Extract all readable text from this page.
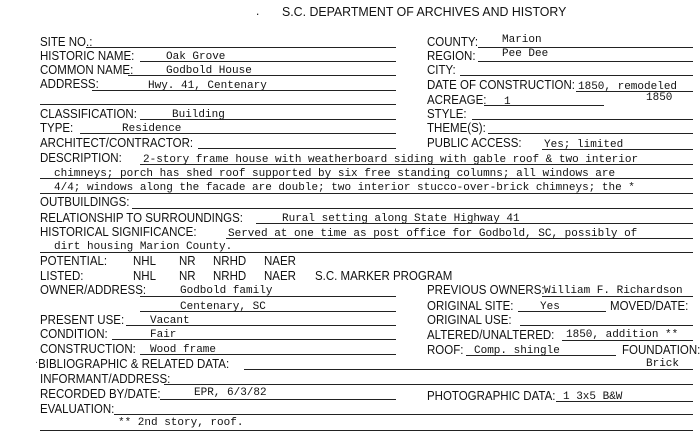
. S.C. DEPARTMENT OF ARCHIVES AND HISTORY
SITE NO.:
HISTORIC NAME:
COMMON NAME:
ADDRESS:
CLASSIFICATION:
TYPE:
ARCHITECT/CONTRACTOR:
DESCRIPTION:
OUTBUILDINGS:
RELATIONSHIP TO SURROUNDINGS:
HISTORICAL SIGNIFICANCE:
POTENTIAL:
LISTED:
OWNER/ADDRESS:
PRESENT USE:
CONDITION:
CONSTRUCTION:
·BIBLIOGRAPHIC & RELATED DATA:
INFORMANT/ADDRESS:
RECORDED BY/DATE:
EVALUATION:
Oak Grove
Godbold House
Hwy. 41, Centenary
Building
Residence
2-story frame house with weatherboard siding with gable roof & two interior
chimneys; porch has shed roof supported by six free standing columns; all windows are
4/4; windows along the facade are double; two interior stucco-over-brick chimneys; the *
Rural setting along State Highway 41
Served at one time as post office for Godbold, SC, possibly of
dirt housing Marion County.
NHL NR NRHD NAER
NHL NR NRHD NAER S.C. MARKER PROGRAM
Godbold family
Centenary, SC
Vacant
Fair
Wood frame
EPR, 6/3/82
** 2nd story, roof.
COUNTY:
REGION:
CITY:
DATE OF CONSTRUCTION:
ACREAGE:
STYLE:
THEME(S):
PUBLIC ACCESS:
PREVIOUS OWNERS:
ORIGINAL SITE:	MOVED/DATE:
ORIGINAL USE:
ALTERED/UNALTERED:
ROOF:	FOUNDATION:
PHOTOGRAPHIC DATA:
Marion
Pee Dee
1850, remodeled
1850
1
Yes; limited
William F. Richardson
Yes
1850, addition **
Comp. shingle
Brick
1 3x5 B&W
